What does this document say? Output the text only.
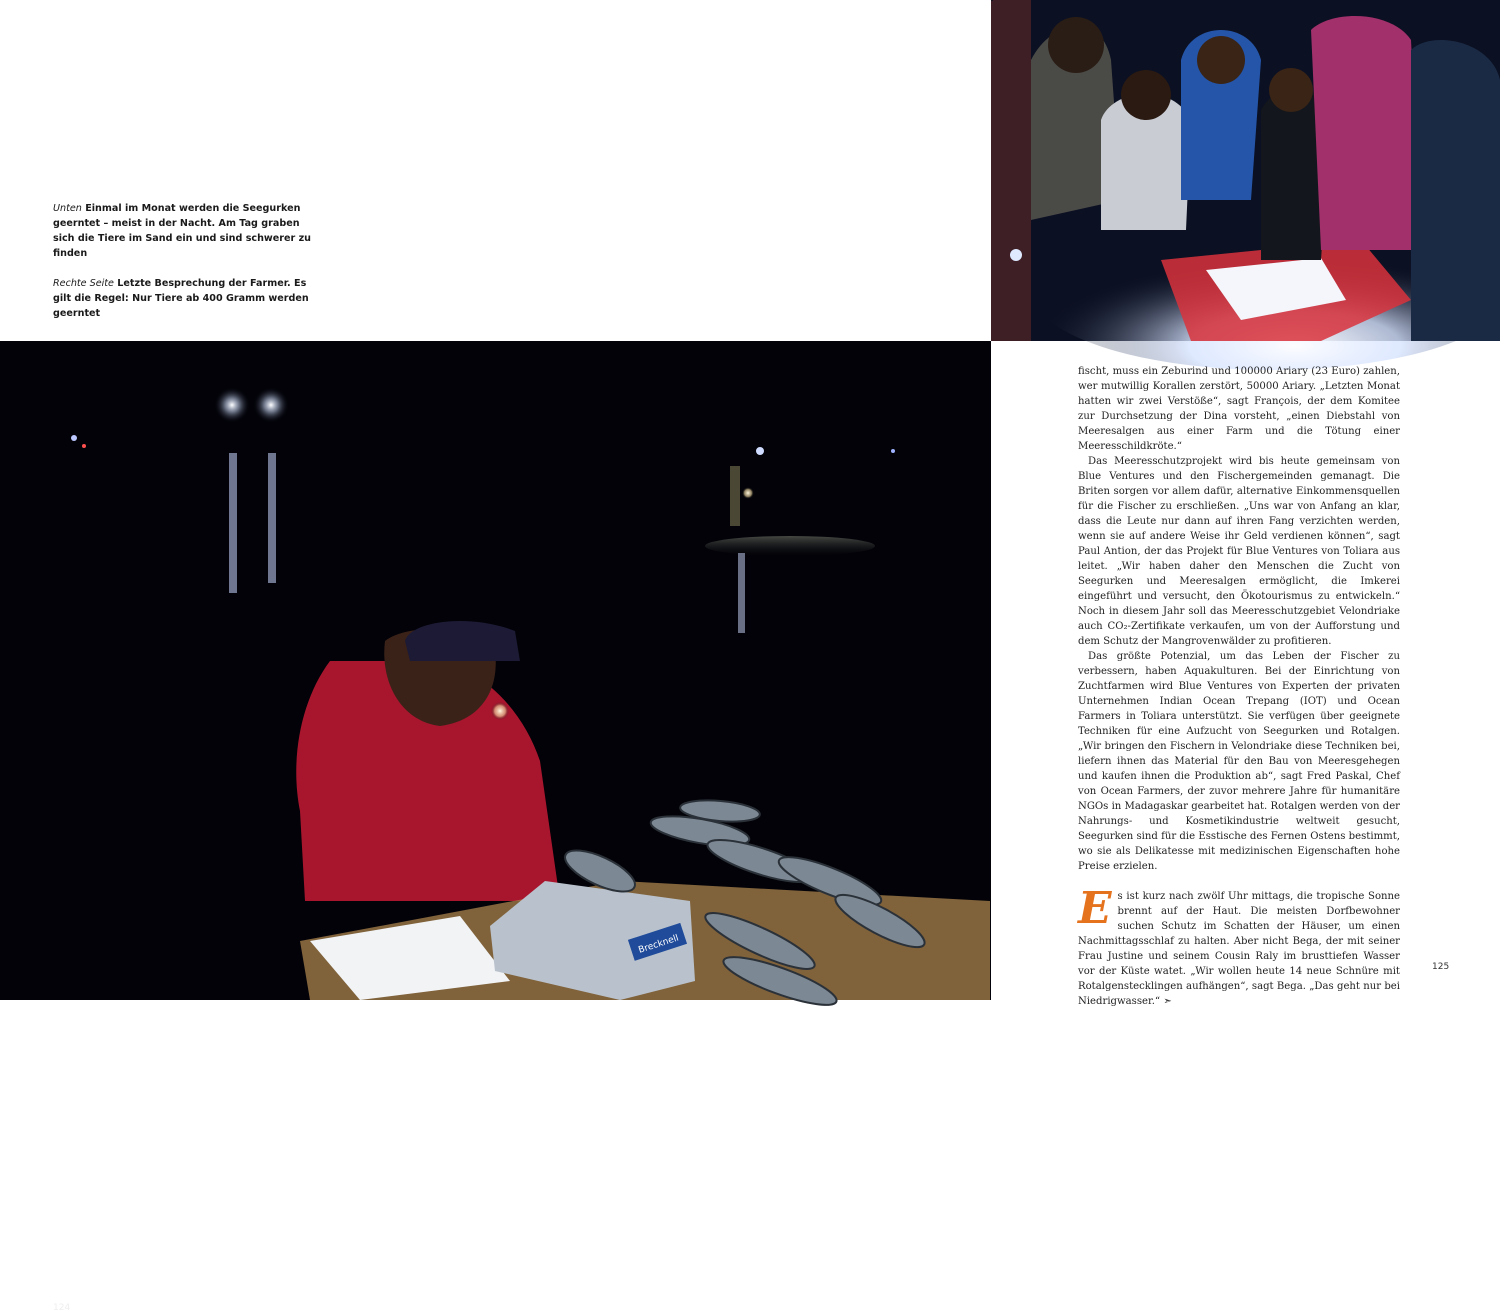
Unten Einmal im Monat werden die Seegurken geerntet – meist in der Nacht. Am Tag graben sich die Tiere im Sand ein und sind schwerer zu finden

Rechte Seite Letzte Besprechung der Farmer. Es gilt die Regel: Nur Tiere ab 400 Gramm werden geerntet

Brecknell
124

fischt, muss ein Zeburind und 100000 Ariary (23 Euro) zahlen, wer mutwillig Korallen zerstört, 50000 Ariary. „Letzten Monat hatten wir zwei Verstöße“, sagt François, der dem Komitee zur Durchsetzung der Dina vorsteht, „einen Diebstahl von Meeresalgen aus einer Farm und die Tötung einer Meeresschildkröte.“

Das Meeresschutzprojekt wird bis heute gemeinsam von Blue Ventures und den Fischergemeinden gemanagt. Die Briten sorgen vor allem dafür, alternative Einkommensquellen für die Fischer zu erschließen. „Uns war von Anfang an klar, dass die Leute nur dann auf ihren Fang verzichten werden, wenn sie auf andere Weise ihr Geld verdienen können“, sagt Paul Antion, der das Projekt für Blue Ventures von Toliara aus leitet. „Wir haben daher den Menschen die Zucht von Seegurken und Meeresalgen ermöglicht, die Imkerei eingeführt und versucht, den Ökotourismus zu entwickeln.“ Noch in diesem Jahr soll das Meeresschutzgebiet Velondriake auch CO₂-Zertifikate verkaufen, um von der Aufforstung und dem Schutz der Mangrovenwälder zu profitieren.

Das größte Potenzial, um das Leben der Fischer zu verbessern, haben Aquakulturen. Bei der Einrichtung von Zuchtfarmen wird Blue Ventures von Experten der privaten Unternehmen Indian Ocean Trepang (IOT) und Ocean Farmers in Toliara unterstützt. Sie verfügen über geeignete Techniken für eine Aufzucht von Seegurken und Rotalgen. „Wir bringen den Fischern in Velondriake diese Techniken bei, liefern ihnen das Material für den Bau von Meeresgehegen und kaufen ihnen die Produktion ab“, sagt Fred Paskal, Chef von Ocean Farmers, der zuvor mehrere Jahre für humanitäre NGOs in Madagaskar gearbeitet hat. Rotalgen werden von der Nahrungs- und Kosmetikindustrie weltweit gesucht, Seegurken sind für die Esstische des Fernen Ostens bestimmt, wo sie als Delikatesse mit medizinischen Eigenschaften hohe Preise erzielen.

Es ist kurz nach zwölf Uhr mittags, die tropische Sonne brennt auf der Haut. Die meisten Dorfbewohner suchen Schutz im Schatten der Häuser, um einen Nachmittagsschlaf zu halten. Aber nicht Bega, der mit seiner Frau Justine und seinem Cousin Raly im brusttiefen Wasser vor der Küste watet. „Wir wollen heute 14 neue Schnüre mit Rotalgenstecklingen aufhängen“, sagt Bega. „Das geht nur bei Niedrigwasser.“ ➣

125
